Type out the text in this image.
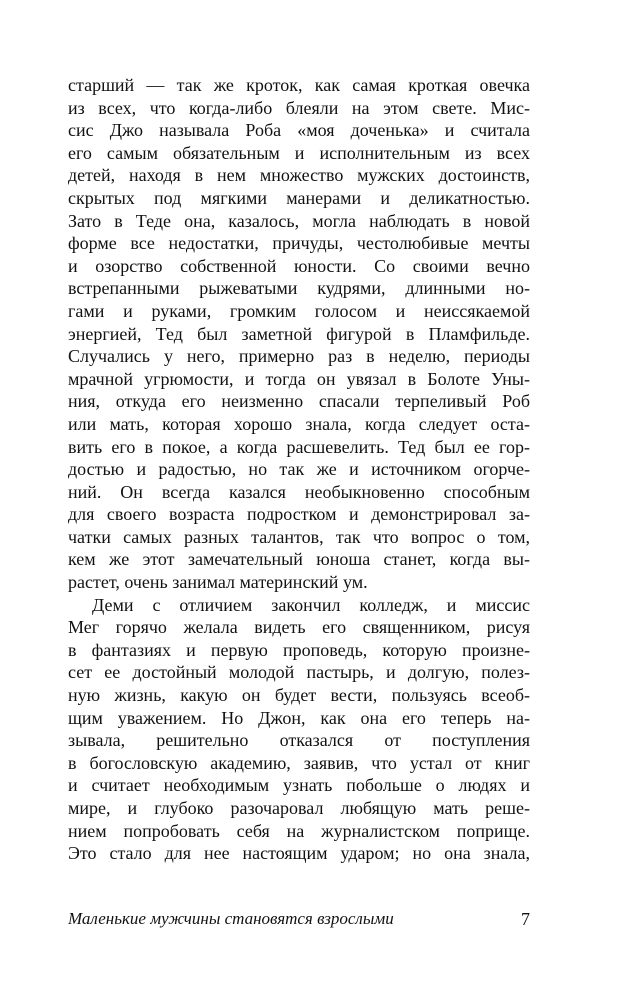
старший — так же кроток, как самая кроткая овечка
из всех, что когда-либо блеяли на этом свете. Мис-
сис Джо называла Роба «моя доченька» и считала
его самым обязательным и исполнительным из всех
детей, находя в нем множество мужских достоинств,
скрытых под мягкими манерами и деликатностью.
Зато в Теде она, казалось, могла наблюдать в новой
форме все недостатки, причуды, честолюбивые мечты
и озорство собственной юности. Со своими вечно
встрепанными рыжеватыми кудрями, длинными но-
гами и руками, громким голосом и неиссякаемой
энергией, Тед был заметной фигурой в Пламфильде.
Случались у него, примерно раз в неделю, периоды
мрачной угрюмости, и тогда он увязал в Болоте Уны-
ния, откуда его неизменно спасали терпеливый Роб
или мать, которая хорошо знала, когда следует оста-
вить его в покое, а когда расшевелить. Тед был ее гор-
достью и радостью, но так же и источником огорче-
ний. Он всегда казался необыкновенно способным
для своего возраста подростком и демонстрировал за-
чатки самых разных талантов, так что вопрос о том,
кем же этот замечательный юноша станет, когда вы-
растет, очень занимал материнский ум.
Деми с отличием закончил колледж, и миссис
Мег горячо желала видеть его священником, рисуя
в фантазиях и первую проповедь, которую произне-
сет ее достойный молодой пастырь, и долгую, полез-
ную жизнь, какую он будет вести, пользуясь всеоб-
щим уважением. Но Джон, как она его теперь на-
зывала, решительно отказался от поступления
в богословскую академию, заявив, что устал от книг
и считает необходимым узнать побольше о людях и
мире, и глубоко разочаровал любящую мать реше-
нием попробовать себя на журналистском поприще.
Это стало для нее настоящим ударом; но она знала,
Маленькие мужчины становятся взрослыми	7
